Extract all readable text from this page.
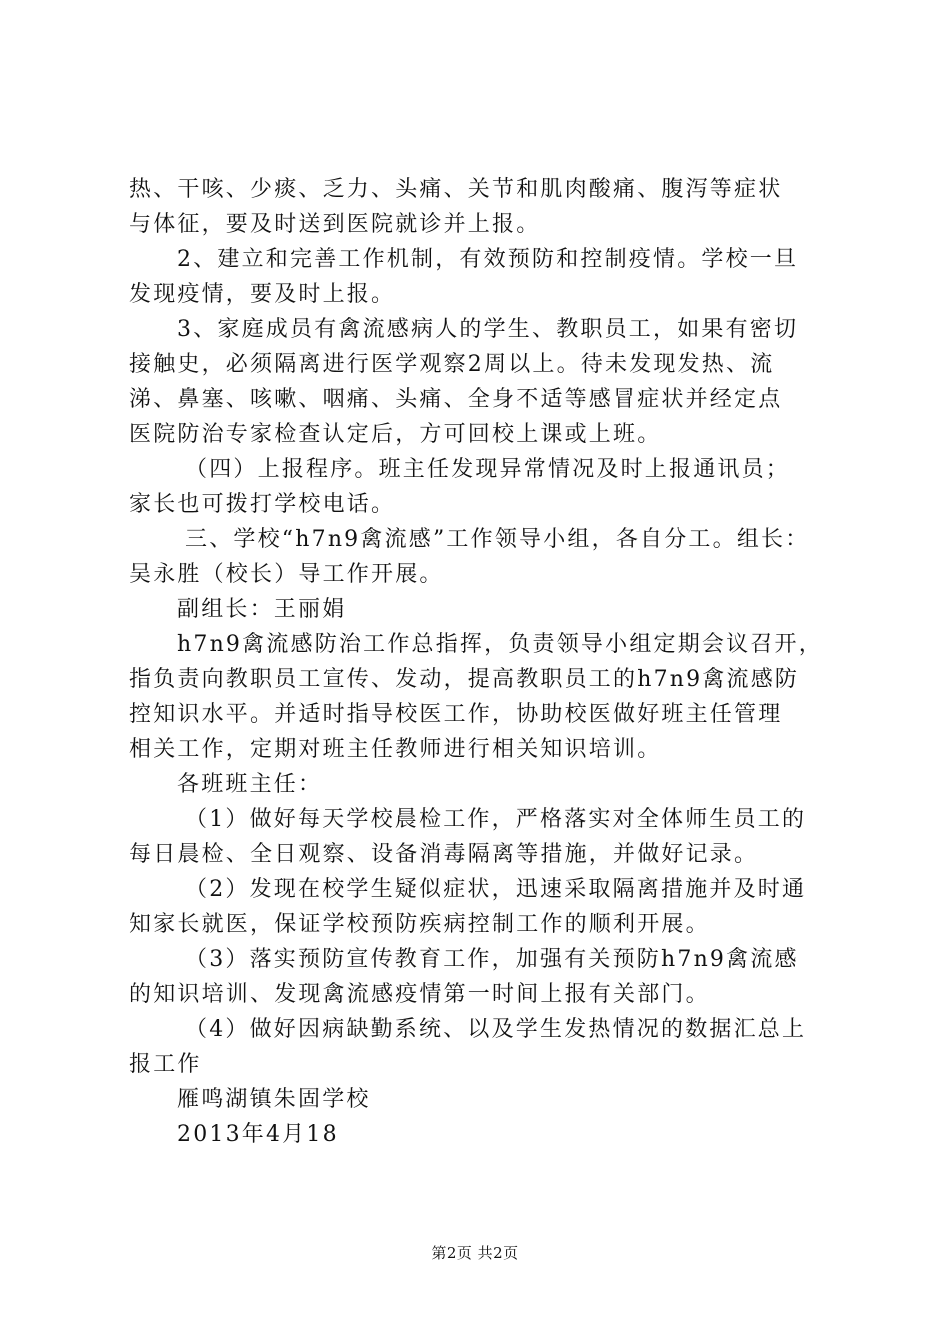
热、干咳、少痰、乏力、头痛、关节和肌肉酸痛、腹泻等症状
与体征，要及时送到医院就诊并上报。
2、建立和完善工作机制，有效预防和控制疫情。学校一旦
发现疫情，要及时上报。
3、家庭成员有禽流感病人的学生、教职员工，如果有密切
接触史，必须隔离进行医学观察2周以上。待未发现发热、流
涕、鼻塞、咳嗽、咽痛、头痛、全身不适等感冒症状并经定点
医院防治专家检查认定后，方可回校上课或上班。
（四）上报程序。班主任发现异常情况及时上报通讯员；
家长也可拨打学校电话。
三、学校“h7n9禽流感”工作领导小组，各自分工。组长：
吴永胜（校长）导工作开展。
副组长：王丽娟
h7n9禽流感防治工作总指挥，负责领导小组定期会议召开，
指负责向教职员工宣传、发动，提高教职员工的h7n9禽流感防
控知识水平。并适时指导校医工作，协助校医做好班主任管理
相关工作，定期对班主任教师进行相关知识培训。
各班班主任：
（1）做好每天学校晨检工作，严格落实对全体师生员工的
每日晨检、全日观察、设备消毒隔离等措施，并做好记录。
（2）发现在校学生疑似症状，迅速采取隔离措施并及时通
知家长就医，保证学校预防疾病控制工作的顺利开展。
（3）落实预防宣传教育工作，加强有关预防h7n9禽流感
的知识培训、发现禽流感疫情第一时间上报有关部门。
（4）做好因病缺勤系统、以及学生发热情况的数据汇总上
报工作
雁鸣湖镇朱固学校
2013年4月18
第2页 共2页
